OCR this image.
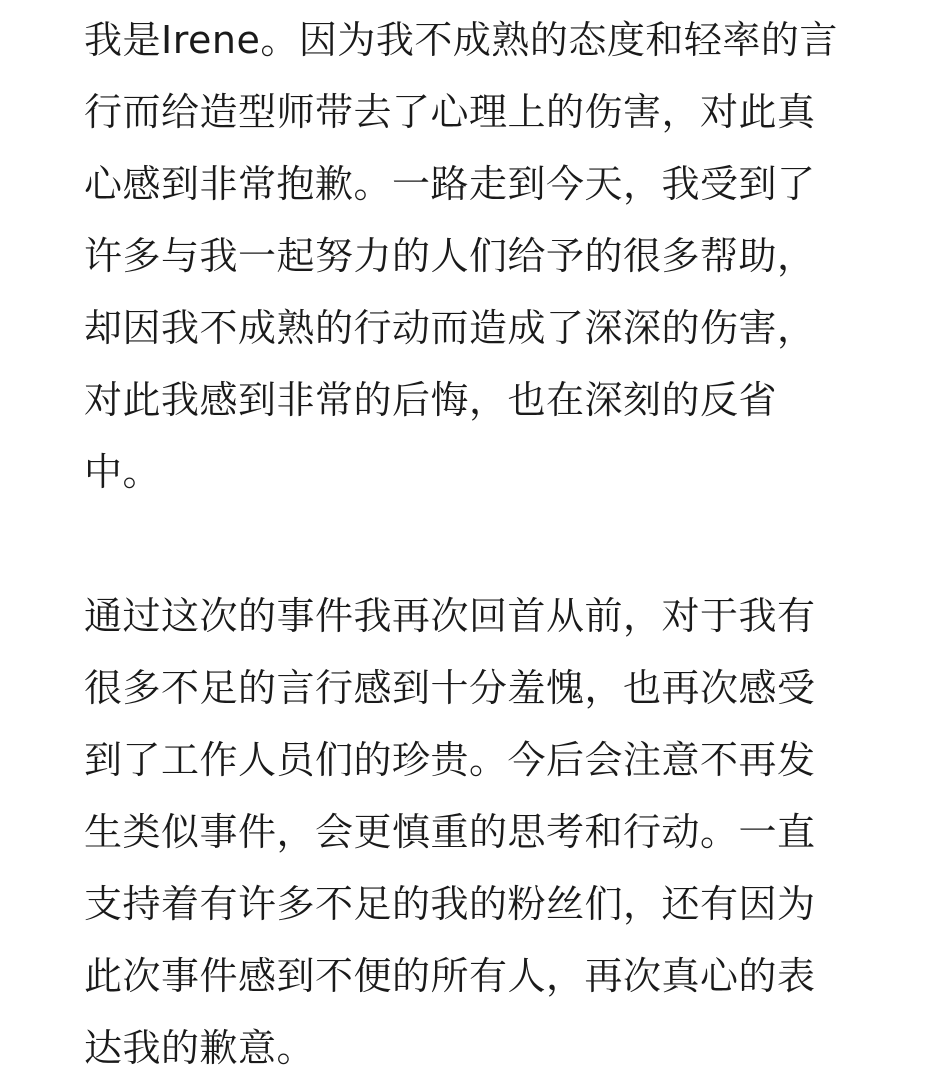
我是Irene。因为我不成熟的态度和轻率的言
行而给造型师带去了心理上的伤害，对此真
心感到非常抱歉。一路走到今天，我受到了
许多与我一起努力的人们给予的很多帮助，
却因我不成熟的行动而造成了深深的伤害，
对此我感到非常的后悔，也在深刻的反省
中。
通过这次的事件我再次回首从前，对于我有
很多不足的言行感到十分羞愧，也再次感受
到了工作人员们的珍贵。今后会注意不再发
生类似事件，会更慎重的思考和行动。一直
支持着有许多不足的我的粉丝们，还有因为
此次事件感到不便的所有人，再次真心的表
达我的歉意。
